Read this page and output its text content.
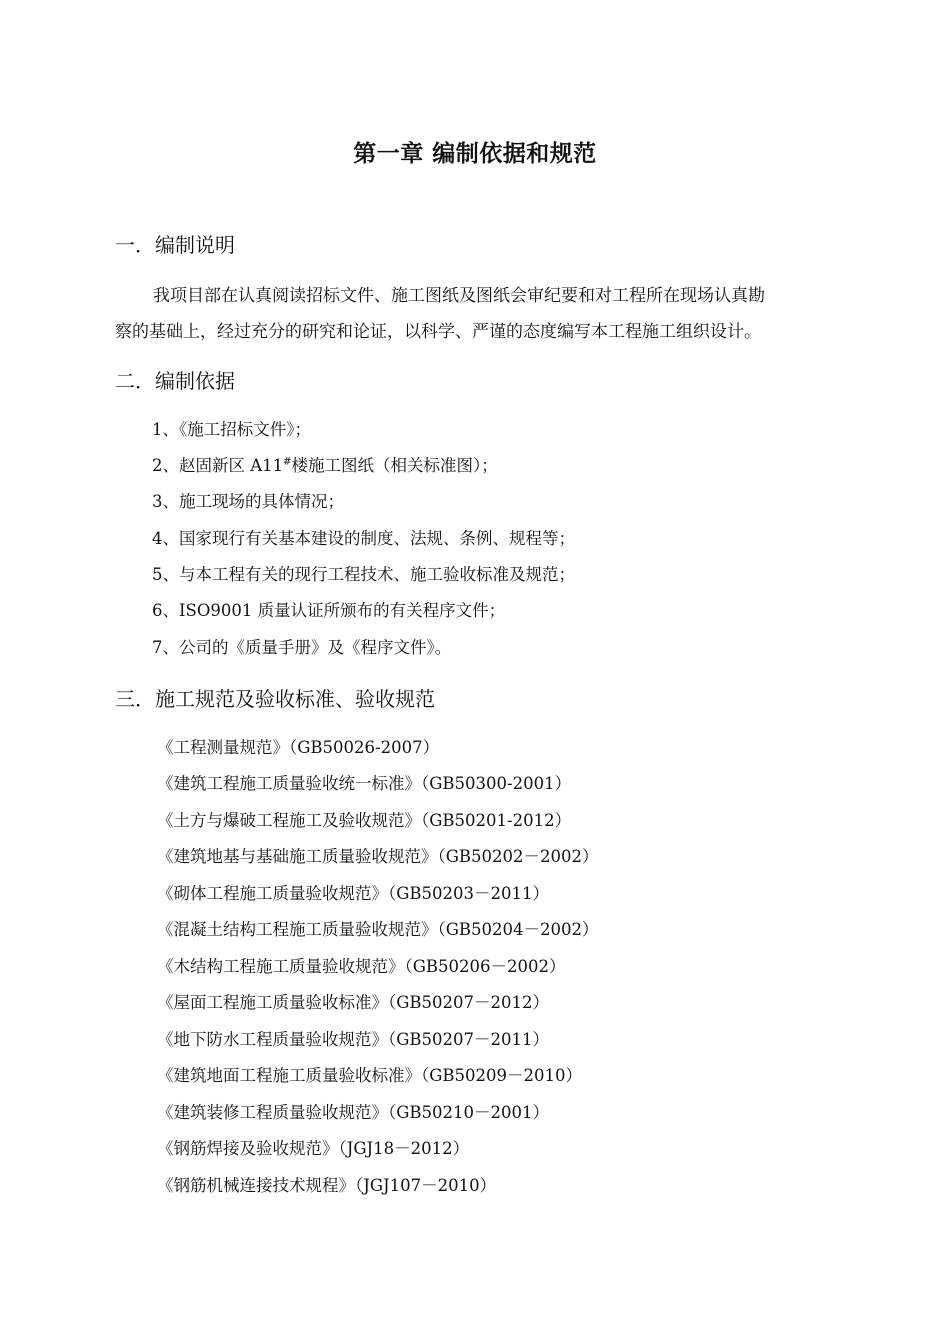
第一章 编制依据和规范
一．编制说明
我项目部在认真阅读招标文件、施工图纸及图纸会审纪要和对工程所在现场认真勘
察的基础上，经过充分的研究和论证，以科学、严谨的态度编写本工程施工组织设计。
二．编制依据
1、《施工招标文件》；
2、赵固新区 A11#楼施工图纸（相关标准图）；
3、施工现场的具体情况；
4、国家现行有关基本建设的制度、法规、条例、规程等；
5、与本工程有关的现行工程技术、施工验收标准及规范；
6、ISO9001 质量认证所颁布的有关程序文件；
7、公司的《质量手册》及《程序文件》。
三．施工规范及验收标准、验收规范
《工程测量规范》（GB50026-2007）
《建筑工程施工质量验收统一标准》（GB50300-2001）
《土方与爆破工程施工及验收规范》（GB50201-2012）
《建筑地基与基础施工质量验收规范》（GB50202－2002）
《砌体工程施工质量验收规范》（GB50203－2011）
《混凝土结构工程施工质量验收规范》（GB50204－2002）
《木结构工程施工质量验收规范》（GB50206－2002）
《屋面工程施工质量验收标准》（GB50207－2012）
《地下防水工程质量验收规范》（GB50207－2011）
《建筑地面工程施工质量验收标准》（GB50209－2010）
《建筑装修工程质量验收规范》（GB50210－2001）
《钢筋焊接及验收规范》（JGJ18－2012）
《钢筋机械连接技术规程》（JGJ107－2010）
